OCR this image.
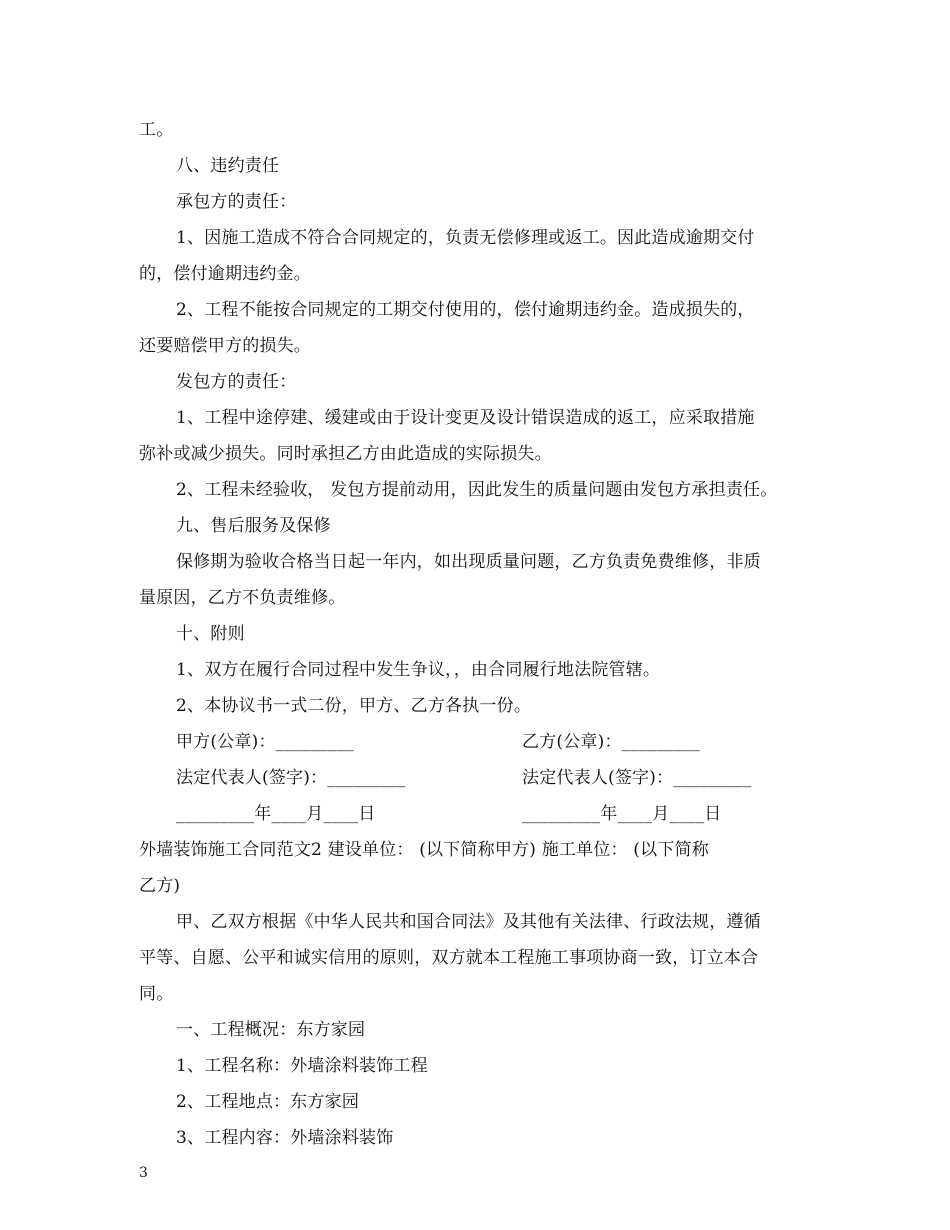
工。
八、违约责任
承包方的责任：
1、因施工造成不符合合同规定的，负责无偿修理或返工。因此造成逾期交付
的，偿付逾期违约金。
2、工程不能按合同规定的工期交付使用的，偿付逾期违约金。造成损失的，
还要赔偿甲方的损失。
发包方的责任：
1、工程中途停建、缓建或由于设计变更及设计错误造成的返工，应采取措施
弥补或减少损失。同时承担乙方由此造成的实际损失。
2、工程未经验收， 发包方提前动用，因此发生的质量问题由发包方承担责任。
九、售后服务及保修
保修期为验收合格当日起一年内，如出现质量问题，乙方负责免费维修，非质
量原因，乙方不负责维修。
十、附则
1、双方在履行合同过程中发生争议，，由合同履行地法院管辖。
2、本协议书一式二份，甲方、乙方各执一份。
甲方(公章)：_________	乙方(公章)：_________
法定代表人(签字)：_________	法定代表人(签字)：_________
_________年____月____日	_________年____月____日
外墙装饰施工合同范文2 建设单位： (以下简称甲方) 施工单位： (以下简称
乙方)
甲、乙双方根据《中华人民共和国合同法》及其他有关法律、行政法规，遵循
平等、自愿、公平和诚实信用的原则，双方就本工程施工事项协商一致，订立本合
同。
一、工程概况：东方家园
1、工程名称：外墙涂料装饰工程
2、工程地点：东方家园
3、工程内容：外墙涂料装饰
3
